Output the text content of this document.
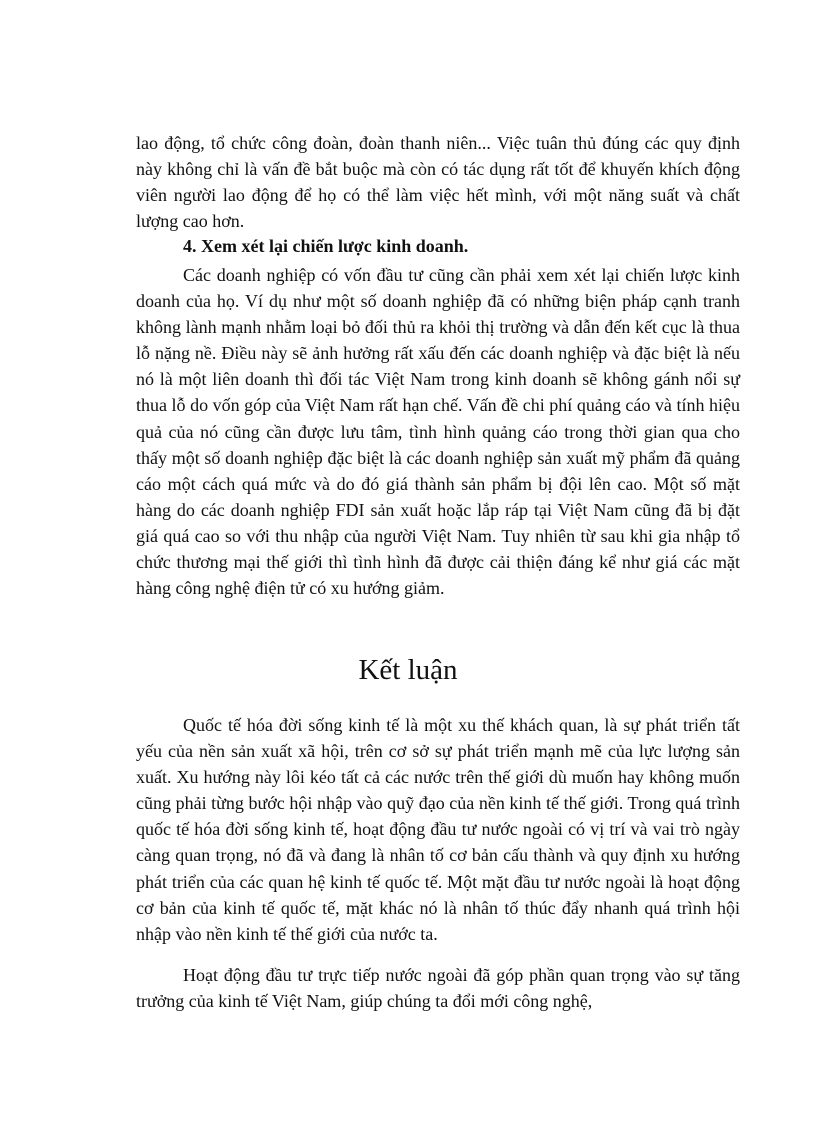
lao động, tổ chức công đoàn, đoàn thanh niên... Việc tuân thủ đúng các quy định này không chỉ là vấn đề bắt buộc mà còn có tác dụng rất tốt để khuyến khích động viên người lao động để họ có thể làm việc hết mình, với một năng suất và chất lượng cao hơn.

4. Xem xét lại chiến lược kinh doanh.

Các doanh nghiệp có vốn đầu tư cũng cần phải xem xét lại chiến lược kinh doanh của họ. Ví dụ như một số doanh nghiệp đã có những biện pháp cạnh tranh không lành mạnh nhằm loại bỏ đối thủ ra khỏi thị trường và dẫn đến kết cục là thua lỗ nặng nề. Điều này sẽ ảnh hưởng rất xấu đến các doanh nghiệp và đặc biệt là nếu nó là một liên doanh thì đối tác Việt Nam trong kinh doanh sẽ không gánh nổi sự thua lỗ do vốn góp của Việt Nam rất hạn chế. Vấn đề chi phí quảng cáo và tính hiệu quả của nó cũng cần được lưu tâm, tình hình quảng cáo trong thời gian qua cho thấy một số doanh nghiệp đặc biệt là các doanh nghiệp sản xuất mỹ phẩm đã quảng cáo một cách quá mức và do đó giá thành sản phẩm bị đội lên cao. Một số mặt hàng do các doanh nghiệp FDI sản xuất hoặc lắp ráp tại Việt Nam cũng đã bị đặt giá quá cao so với thu nhập của người Việt Nam. Tuy nhiên từ sau khi gia nhập tổ chức thương mại thế giới thì tình hình đã được cải thiện đáng kể như giá các mặt hàng công nghệ điện tử có xu hướng giảm.

Kết luận

Quốc tế hóa đời sống kinh tế là một xu thế khách quan, là sự phát triển tất yếu của nền sản xuất xã hội, trên cơ sở sự phát triển mạnh mẽ của lực lượng sản xuất. Xu hướng này lôi kéo tất cả các nước trên thế giới dù muốn hay không muốn cũng phải từng bước hội nhập vào quỹ đạo của nền kinh tế thế giới. Trong quá trình quốc tế hóa đời sống kinh tế, hoạt động đầu tư nước ngoài có vị trí và vai trò ngày càng quan trọng, nó đã và đang là nhân tố cơ bản cấu thành và quy định xu hướng phát triển của các quan hệ kinh tế quốc tế. Một mặt đầu tư nước ngoài là hoạt động cơ bản của kinh tế quốc tế, mặt khác nó là nhân tố thúc đẩy nhanh quá trình hội nhập vào nền kinh tế thế giới của nước ta.

Hoạt động đầu tư trực tiếp nước ngoài đã góp phần quan trọng vào sự tăng trưởng của kinh tế Việt Nam, giúp chúng ta đổi mới công nghệ,
